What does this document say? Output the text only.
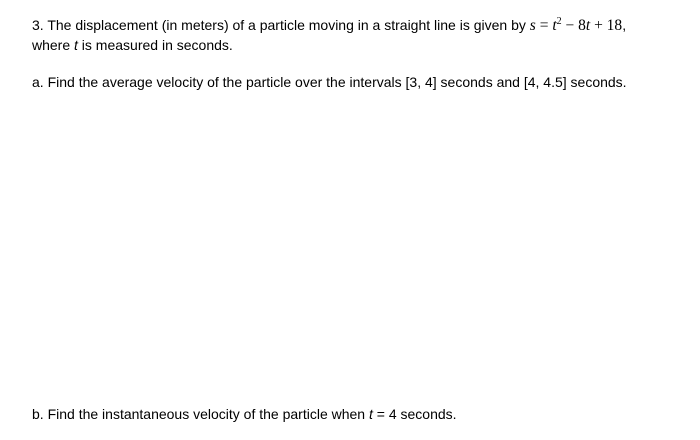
3. The displacement (in meters) of a particle moving in a straight line is given by $s = t^2 - 8t + 18$,
where t is measured in seconds.
a. Find the average velocity of the particle over the intervals [3, 4] seconds and [4, 4.5] seconds.
b. Find the instantaneous velocity of the particle when t = 4 seconds.
